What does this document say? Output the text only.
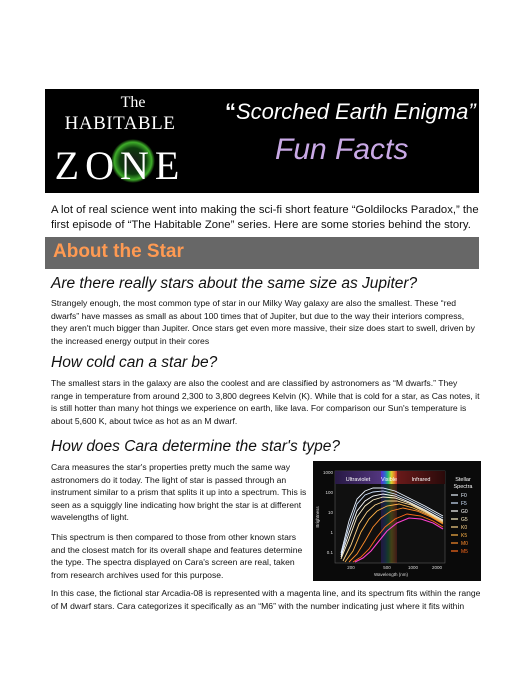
The
HABITABLE
ZONE
“Scorched Earth Enigma”
Fun Facts
A lot of real science went into making the sci-fi short feature “Goldilocks Paradox,” the first episode of “The Habitable Zone” series. Here are some stories behind the story.
About the Star
Are there really stars about the same size as Jupiter?
Strangely enough, the most common type of star in our Milky Way galaxy are also the smallest. These “red dwarfs” have masses as small as about 100 times that of Jupiter, but due to the way their interiors compress, they aren't much bigger than Jupiter. Once stars get even more massive, their size does start to swell, driven by the increased energy output in their cores
How cold can a star be?
The smallest stars in the galaxy are also the coolest and are classified by astronomers as “M dwarfs.” They range in temperature from around 2,300 to 3,800 degrees Kelvin (K). While that is cold for a star, as Cas notes, it is still hotter than many hot things we experience on earth, like lava. For comparison our Sun's temperature is about 5,600 K, about twice as hot as an M dwarf.
How does Cara determine the star's type?
Cara measures the star's properties pretty much the same way astronomers do it today. The light of star is passed through an instrument similar to a prism that splits it up into a spectrum. This is seen as a squiggly line indicating how bright the star is at different wavelengths of light.
This spectrum is then compared to those from other known stars and the closest match for its overall shape and features determine the type. The spectra displayed on Cara's screen are real, taken from research archives used for this purpose.
In this case, the fictional star Arcadia-08 is represented with a magenta line, and its spectrum fits within the range of M dwarf stars. Cara categorizes it specifically as an “M6” with the number indicating just where it fits within
Ultraviolet Visible	Infrared
Brightness
1000
100
10
1
0.1
200	500	1000	2000
Wavelength (nm)
Stellar
Spectra
F0
F5
G0
G5
K0
K5
M0
M5
